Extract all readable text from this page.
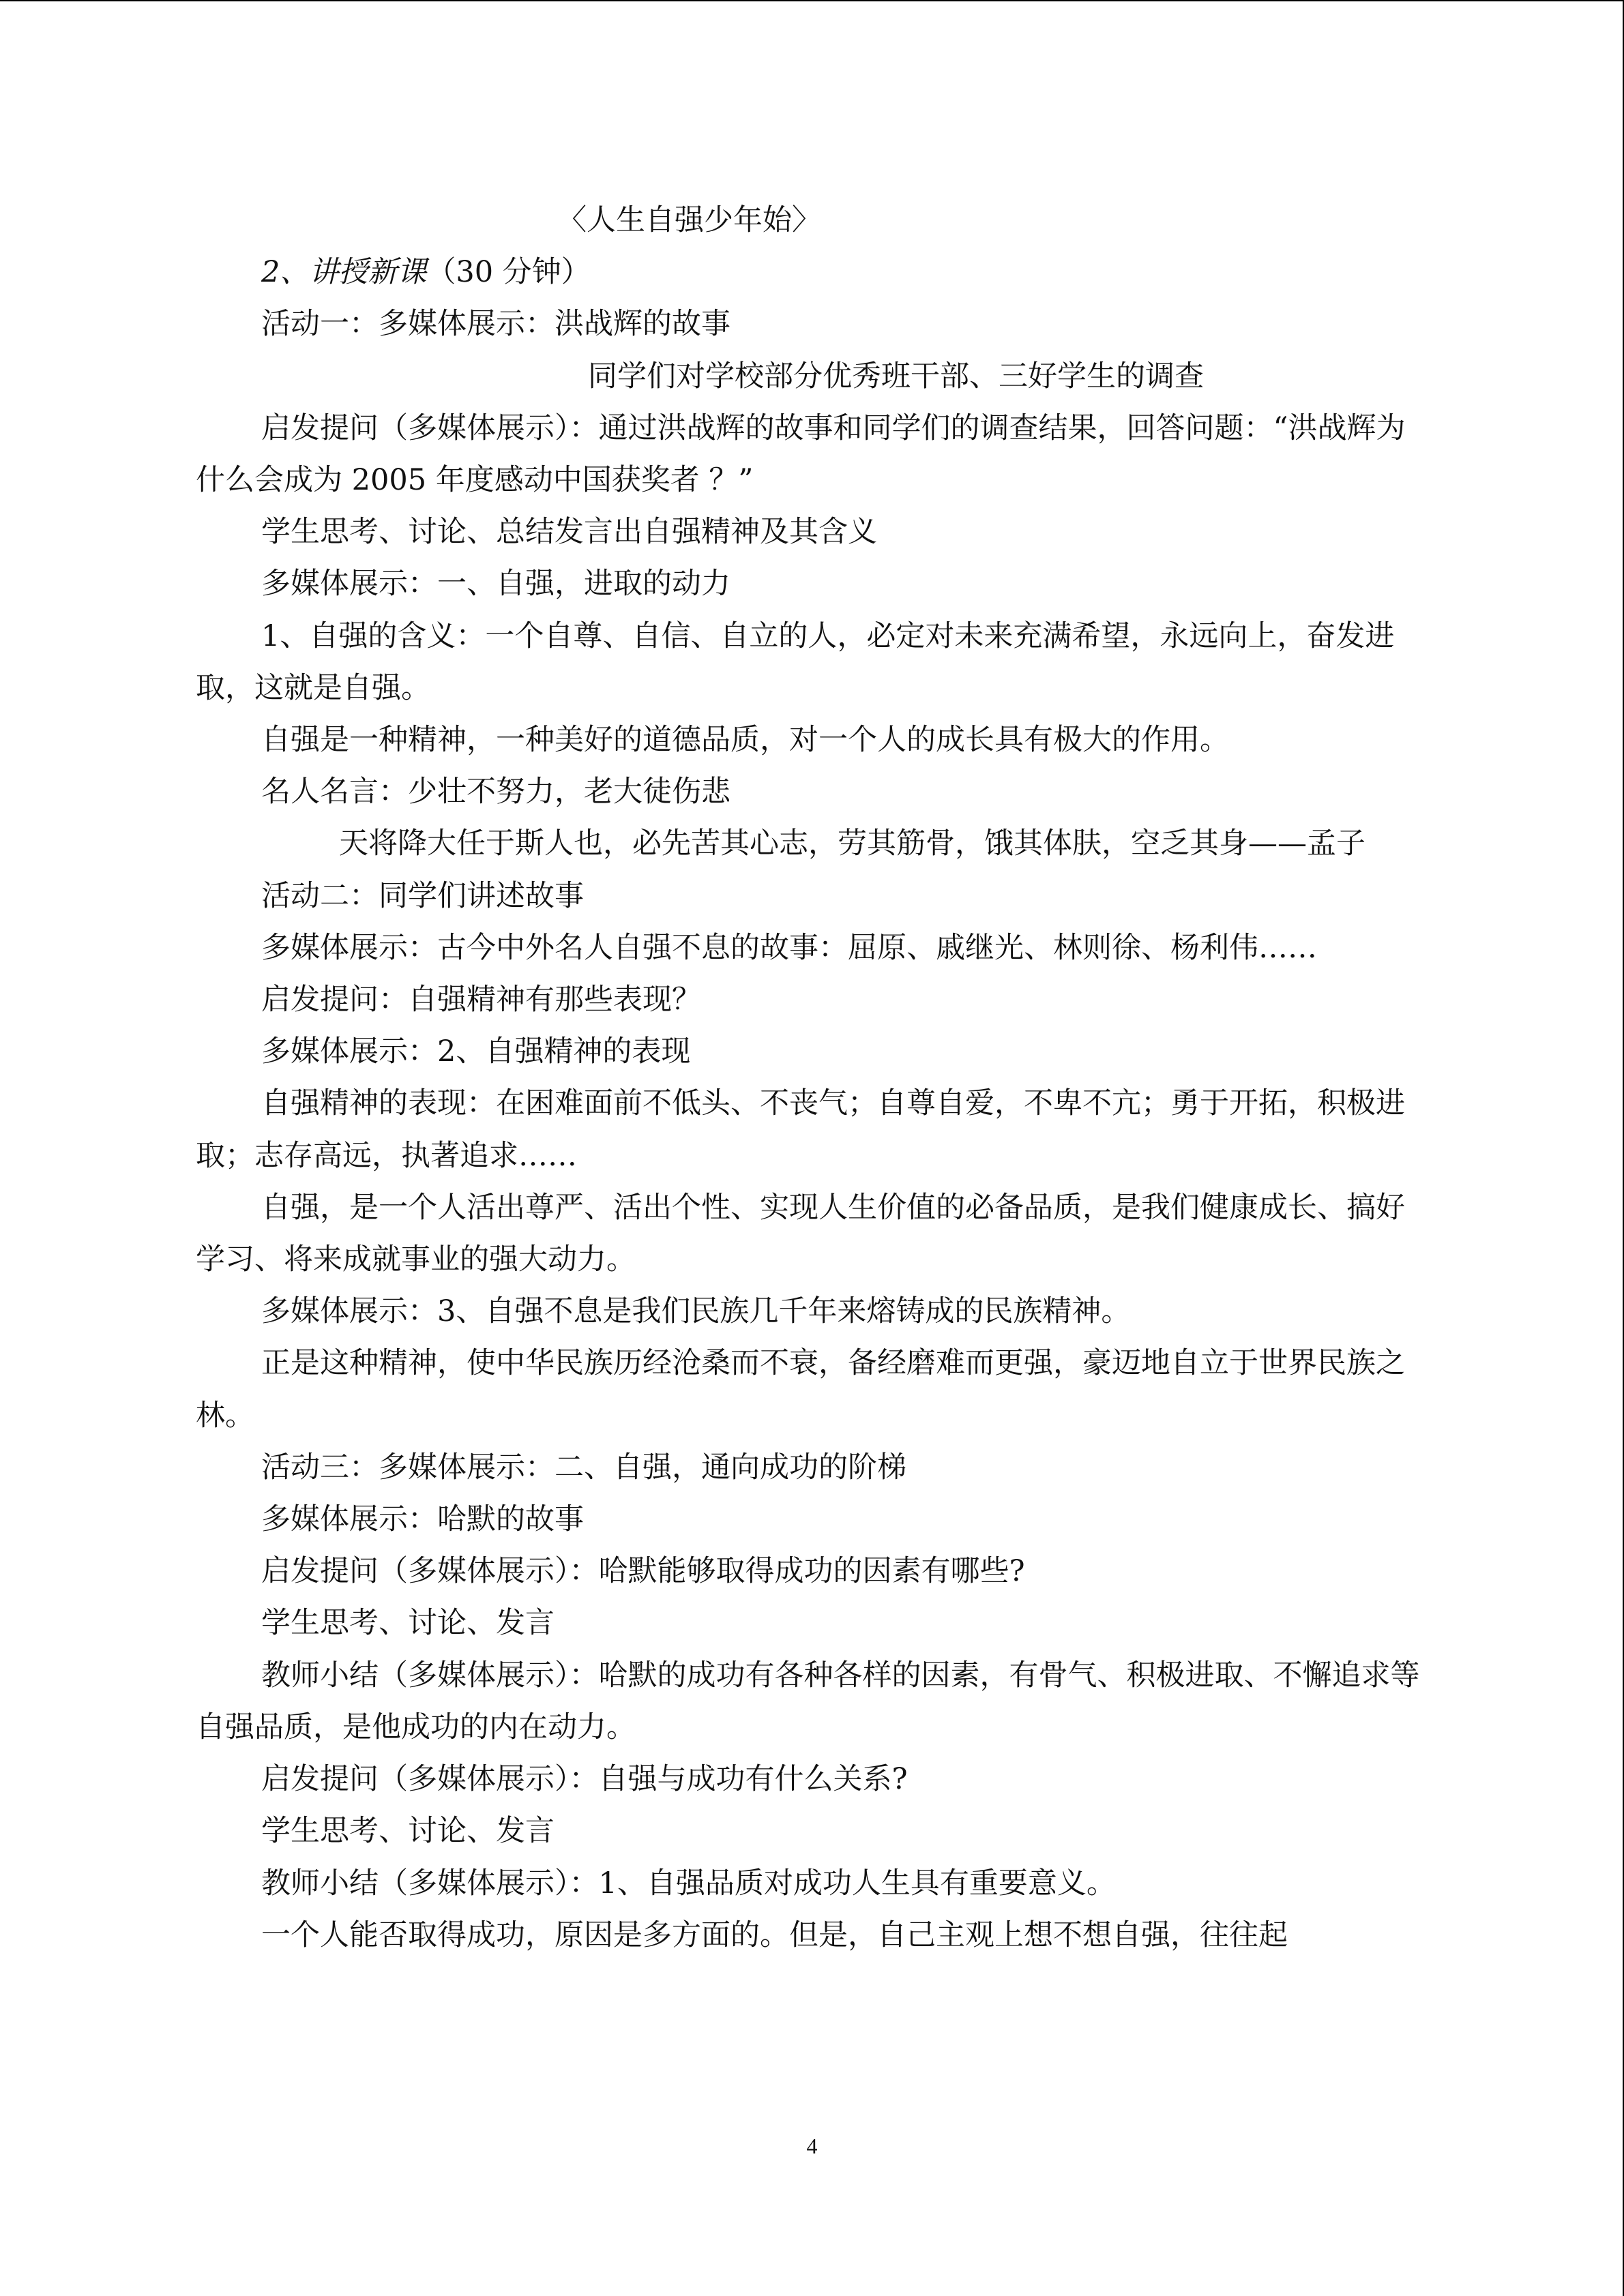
〈人生自强少年始〉

2、讲授新课（30 分钟）

活动一：多媒体展示：洪战辉的故事

同学们对学校部分优秀班干部、三好学生的调查

启发提问（多媒体展示）：通过洪战辉的故事和同学们的调查结果，回答问题：“洪战辉为什么会成为 2005 年度感动中国获奖者 ？”

学生思考、讨论、总结发言出自强精神及其含义

多媒体展示：一、自强，进取的动力

1、自强的含义：一个自尊、自信、自立的人，必定对未来充满希望，永远向上，奋发进取，这就是自强。

自强是一种精神，一种美好的道德品质，对一个人的成长具有极大的作用。

名人名言：少壮不努力，老大徒伤悲

天将降大任于斯人也，必先苦其心志，劳其筋骨，饿其体肤，空乏其身——孟子

活动二：同学们讲述故事

多媒体展示：古今中外名人自强不息的故事：屈原、戚继光、林则徐、杨利伟……

启发提问：自强精神有那些表现？

多媒体展示：2、自强精神的表现

自强精神的表现：在困难面前不低头、不丧气；自尊自爱，不卑不亢；勇于开拓，积极进取；志存高远，执著追求……

自强，是一个人活出尊严、活出个性、实现人生价值的必备品质，是我们健康成长、搞好学习、将来成就事业的强大动力。

多媒体展示：3、自强不息是我们民族几千年来熔铸成的民族精神。

正是这种精神，使中华民族历经沧桑而不衰，备经磨难而更强，豪迈地自立于世界民族之林。

活动三：多媒体展示：二、自强，通向成功的阶梯

多媒体展示：哈默的故事

启发提问（多媒体展示）：哈默能够取得成功的因素有哪些?

学生思考、讨论、发言

教师小结（多媒体展示）：哈默的成功有各种各样的因素，有骨气、积极进取、不懈追求等自强品质，是他成功的内在动力。

启发提问（多媒体展示）：自强与成功有什么关系?

学生思考、讨论、发言

教师小结（多媒体展示）：1、自强品质对成功人生具有重要意义。

一个人能否取得成功，原因是多方面的。但是，自己主观上想不想自强，往往起

4
